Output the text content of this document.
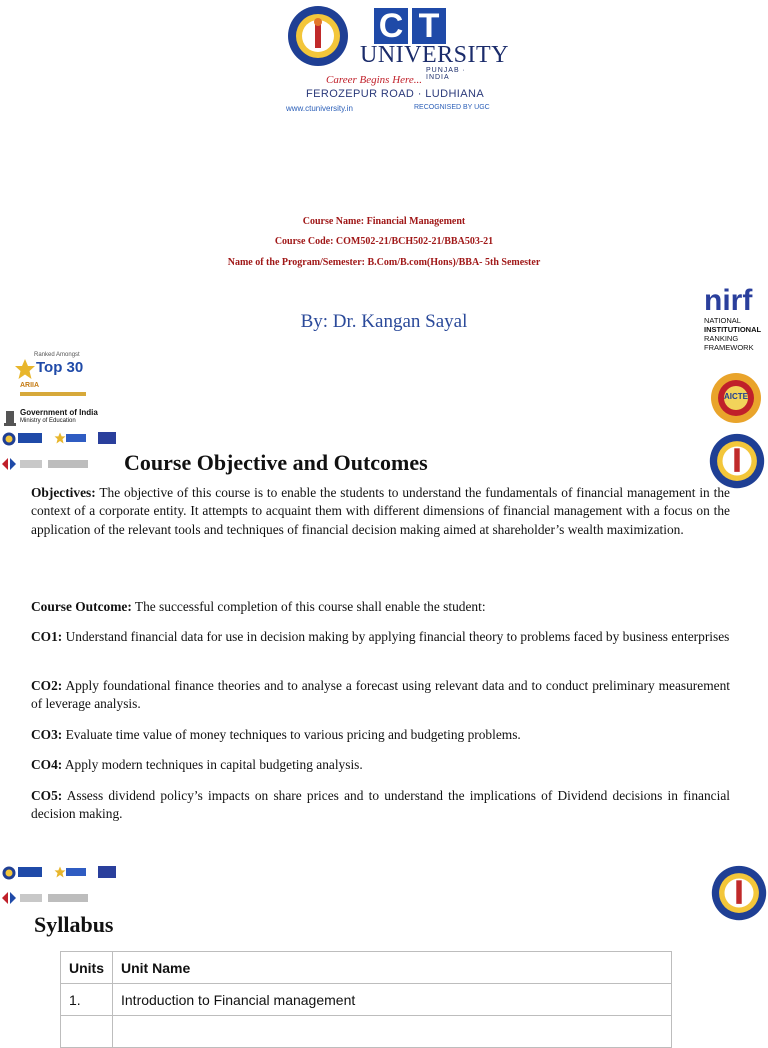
C T
UNIVERSITY
PUNJAB · INDIA
Career Begins Here...
FEROZEPUR ROAD · LUDHIANA
www.ctuniversity.in	RECOGNISED BY UGC
Course Name: Financial Management
Course Code: COM502-21/BCH502-21/BBA503-21
Name of the Program/Semester: B.Com/B.com(Hons)/BBA- 5th Semester
By: Dr. Kangan Sayal
Ranked Amongst
Top 30
ARIIA
Government of India
Ministry of Education
nirf
NATIONAL
INSTITUTIONAL
RANKING
FRAMEWORK
AICTE
Course Objective and Outcomes
Objectives: The objective of this course is to enable the students to understand the fundamentals of financial management in the context of a corporate entity. It attempts to acquaint them with different dimensions of financial management with a focus on the application of the relevant tools and techniques of financial decision making aimed at shareholder’s wealth maximization.
Course Outcome: The successful completion of this course shall enable the student:
CO1: Understand financial data for use in decision making by applying financial theory to problems faced by business enterprises
CO2: Apply foundational finance theories and to analyse a forecast using relevant data and to conduct preliminary measurement of leverage analysis.
CO3: Evaluate time value of money techniques to various pricing and budgeting problems.
CO4: Apply modern techniques in capital budgeting analysis.
CO5: Assess dividend policy’s impacts on share prices and to understand the implications of Dividend decisions in financial decision making.
Syllabus
Units	Unit Name
1.	Introduction to Financial management
